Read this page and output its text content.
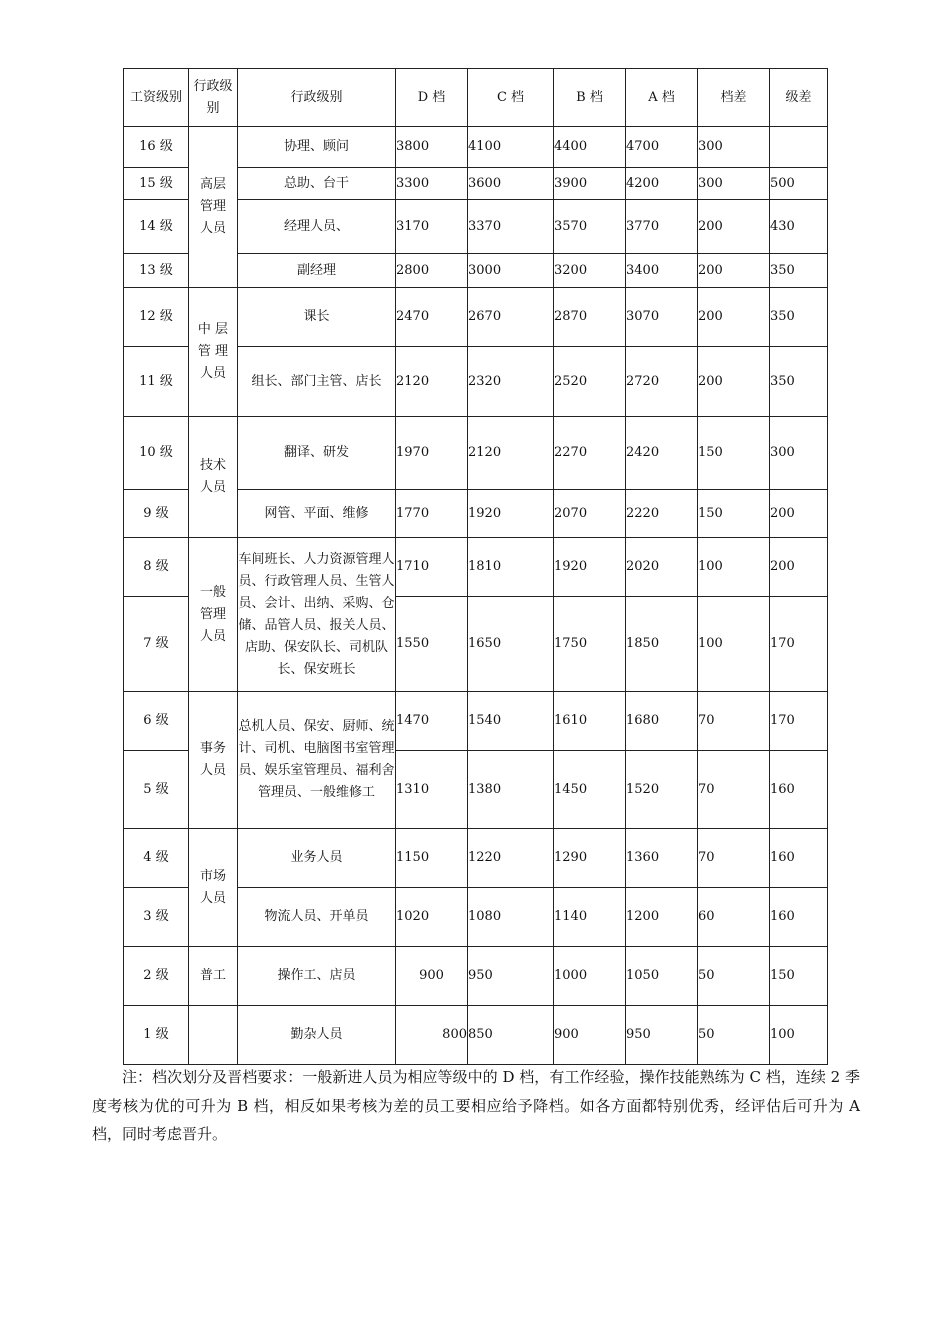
工资级别	行政级别	行政级别	D 档	C 档	B 档	A 档	档差	级差
16 级	高层管理人员	协理、顾问	3800	4100	4400	4700	300	
15 级		总助、台干	3300	3600	3900	4200	300	500
14 级		经理人员、	3170	3370	3570	3770	200	430
13 级		副经理	2800	3000	3200	3400	200	350
12 级	中 层管 理人员	课长	2470	2670	2870	3070	200	350
11 级		组长、部门主管、店长	2120	2320	2520	2720	200	350
10 级	技术人员	翻译、研发	1970	2120	2270	2420	150	300
9 级		网管、平面、维修	1770	1920	2070	2220	150	200
8 级	一般管理人员	车间班长、人力资源管理人员、行政管理人员、生管人员、会计、出纳、采购、仓储、品管人员、报关人员、店助、保安队长、司机队长、保安班长	1710	1810	1920	2020	100	200
7 级			1550	1650	1750	1850	100	170
6 级	事务人员	总机人员、保安、厨师、统计、司机、电脑图书室管理员、娱乐室管理员、福利舍管理员、一般维修工	1470	1540	1610	1680	70	170
5 级			1310	1380	1450	1520	70	160
4 级	市场人员	业务人员	1150	1220	1290	1360	70	160
3 级		物流人员、开单员	1020	1080	1140	1200	60	160
2 级	普工	操作工、店员	900	950	1000	1050	50	150
1 级		勤杂人员	800	850	900	950	50	100

注：档次划分及晋档要求：一般新进人员为相应等级中的 D 档，有工作经验，操作技能熟练为 C 档，连续 2 季度考核为优的可升为 B 档，相反如果考核为差的员工要相应给予降档。如各方面都特别优秀，经评估后可升为 A 档，同时考虑晋升。
